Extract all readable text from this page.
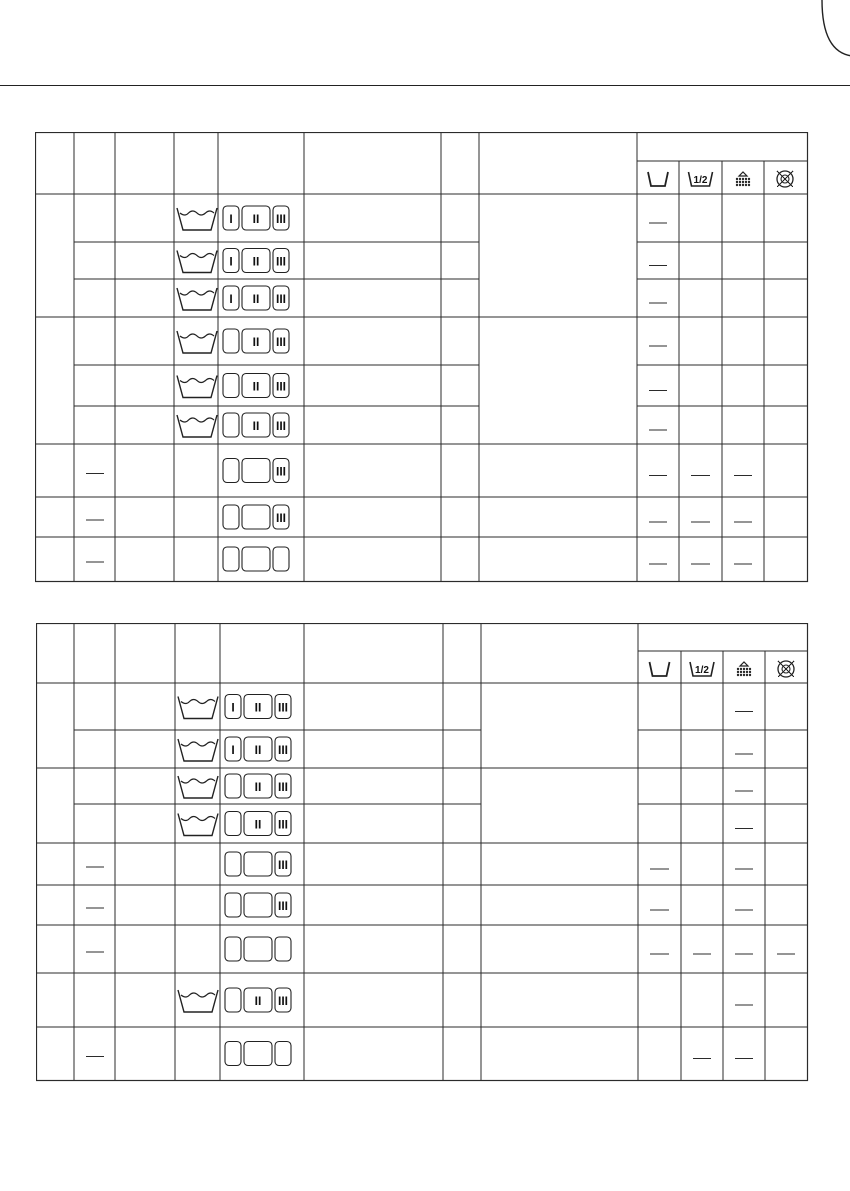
1/2
I II III
I II III
I II III
II III
II III
II III
III
III
1/2
I II III
I II III
II III
II III
III
III
II III
